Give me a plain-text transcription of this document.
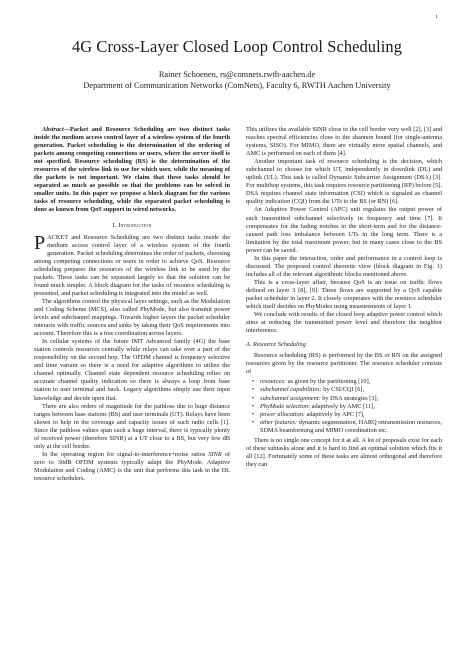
1
4G Cross-Layer Closed Loop Control Scheduling
Rainer Schoenen, rs@comnets.rwth-aachen.de
Department of Communication Networks (ComNets), Faculty 6, RWTH Aachen University

Abstract—Packet and Resource Scheduling are two distinct tasks inside the medium access control layer of a wireless system of the fourth generation. Packet scheduling is the determination of the ordering of packets among competing connections or users, where the server itself is not specified. Resource scheduling (RS) is the determination of the resources of the wireless link to use for which user, while the meaning of the packets is not important. We claim that these tasks should be separated as much as possible so that the problems can be solved in smaller units. In this paper we propose a block diagram for the various tasks of resource scheduling, while the separated packet scheduling is done as known from QoS support in wired networks.

I. Introduction

PACKET and Resource Scheduling are two distinct tasks inside the medium access control layer of a wireless system of the fourth generation. Packet scheduling determines the order of packets, choosing among competing connections or users in order to achieve QoS. Resource scheduling prepares the resources of the wireless link to be used by the packets. These tasks can be separated largely so that the solution can be found much simpler. A block diagram for the tasks of resource scheduling is presented, and packet scheduling is integrated into the model as well.

The algorithms control the physical layer settings, such as the Modulation and Coding Scheme (MCS), also called PhyMode, but also transmit power levels and subchannel mappings. Towards higher layers the packet scheduler interacts with traffic sources and sinks by taking their QoS requirements into account. Therefore this is a true coordination across layers.

In cellular systems of the future IMT Advanced family (4G) the base station controls resources centrally while relays can take over a part of the responsibility on the second hop. The OFDM channel is frequency selective and time variant so there is a need for adaptive algorithms to utilize the channel optimally. Channel state dependent resource scheduling relies on accurate channel quality indication so there is always a loop from base station to user terminal and back. Legacy algorithms simply use their input knowledge and decide upon that.

There are also orders of magnitude for the pathloss due to huge distance ranges between base stations (BS) and user terminals (UT). Relays have been shown to help in the coverage and capacity issues of such radio cells [1]. Since the pathloss values span such a huge interval, there is typically plenty of received power (therefore SINR) at a UT close to a BS, but very few dB only at the cell border.

In the operating region for signal-to-interference+noise ratios SINR of zero to 30dB OFDM systems typically adapt the PhyMode. Adaptive Modulation and Coding (AMC) is the unit that performs this task in the DL resource schedulers.

This utilizes the available SINR close to the cell border very well [2], [3] and reaches spectral efficiencies close to the shannon bound (for single-antenna systems, SISO). For MIMO, there are virtually more spatial channels, and AMC is performed on each of them [4].

Another important task of resource scheduling is the decision, which subchannel to choose for which UT, independently in downlink (DL) and uplink (UL). This task is called Dynamic Subcarrier Assignment (DSA) [3]. For multihop systems, this task requires resource partitioning (RP) before [5]. DSA requires channel state information (CSI) which is signaled as channel quality indication (CQI) from the UTs to the BS (or RN) [6].

An Adaptive Power Control (APC) unit regulates the output power of each transmitted subchannel selectively in frequency and time [7]. It compensates for the fading notches in the short-term and for the distance-caused path loss imbalance between UTs in the long term. There is a limitation by the total maximum power, but in many cases close to the BS power can be saved.

In this paper the interaction, order and performance in a control loop is discussed. The proposed control theoretic view (block diagram in Fig. 1) includes all of the relevant algorithmic blocks mentioned above.

This is a cross-layer affair, because QoS is an issue on traffic flows defined on layer 3 [8], [9]. These flows are supported by a QoS capable packet scheduler in layer 2. It closely cooperates with the resource scheduler which itself decides on PhyModes using measurements of layer 1.

We conclude with results of the closed loop adaptive power control which aims at reducing the transmitted power level and therefore the neighbor interference.

A. Resource Scheduling

Resource scheduling (RS) is performed by the BS or RN on the assigned resources given by the resource partitioner. The resource scheduler consists of

• resources: as given by the partitioning [10],
• subchannel capabilities: by CSI/CQI [6],
• subchannel assignment: by DSA strategies [3],
• PhyMode selection: adaptively by AMC [11],
• power allocation: adaptively by APC [7],
• other features: dynamic segmentation, HARQ retransmission resources, SDMA beamforming and MIMO coordination etc.

There is no single one concept for it at all. A lot of proposals exist for each of these subtasks alone and it is hard to find an optimal solution which fits it all [12]. Fortunately some of these tasks are almost orthogonal and therefore they can
